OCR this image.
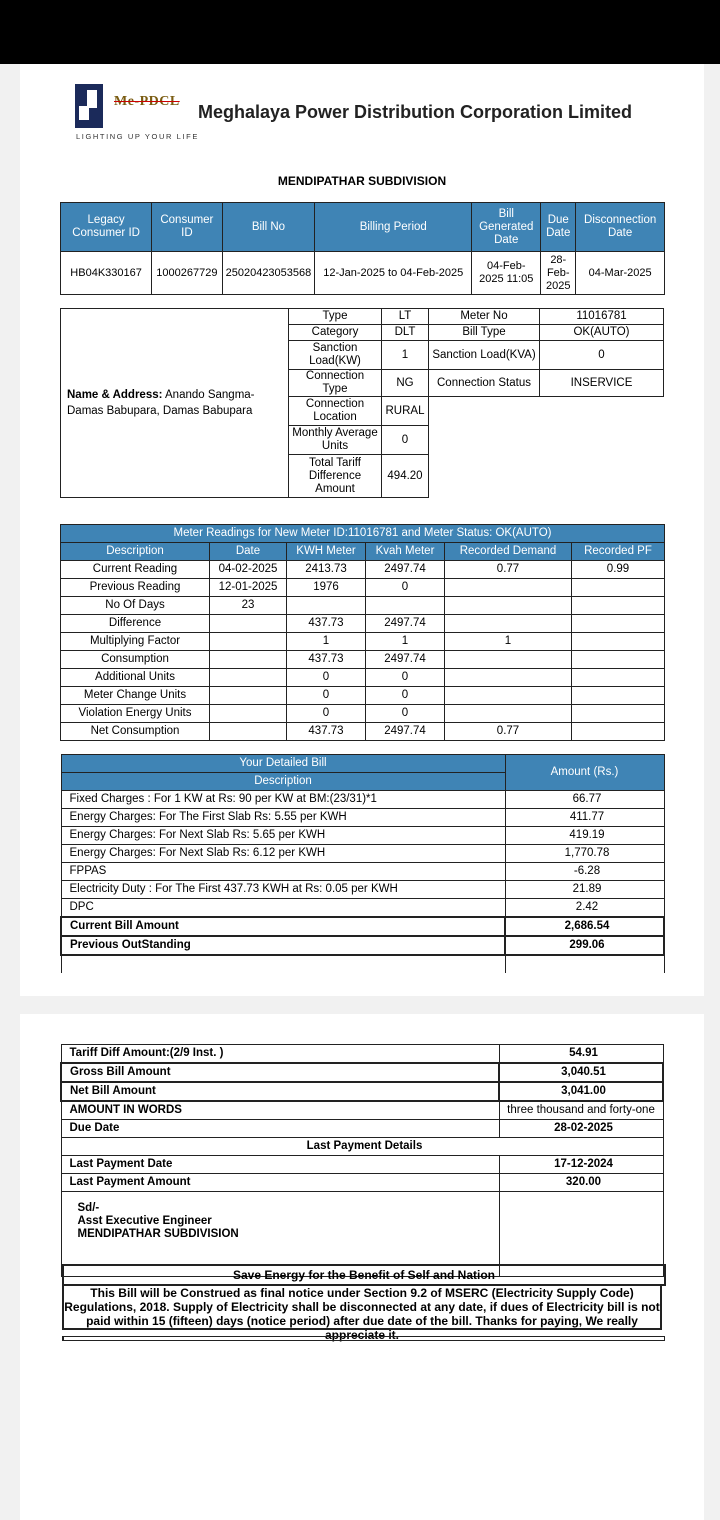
Me-PDCL
LIGHTING UP YOUR LIFE
Meghalaya Power Distribution Corporation Limited
MENDIPATHAR SUBDIVISION
Legacy Consumer ID	Consumer ID	Bill No	Billing Period	Bill Generated Date	Due Date	Disconnection Date
HB04K330167	1000267729	25020423053568	12-Jan-2025 to 04-Feb-2025	04-Feb-2025 11:05	28-Feb-2025	04-Mar-2025
Name & Address: Anando Sangma-Damas Babupara, Damas Babupara	Type	LT	Meter No	11016781
	Category	DLT	Bill Type	OK(AUTO)
	Sanction Load(KW)	1	Sanction Load(KVA)	0
	Connection Type	NG	Connection Status	INSERVICE
	Connection Location	RURAL		
	Monthly Average Units	0		
	Total Tariff Difference Amount	494.20		
Meter Readings for New Meter ID:11016781 and Meter Status: OK(AUTO)					
Description	Date	KWH Meter	Kvah Meter	Recorded Demand	Recorded PF
Current Reading	04-02-2025	2413.73	2497.74	0.77	0.99
Previous Reading	12-01-2025	1976	0		
No Of Days	23				
Difference		437.73	2497.74		
Multiplying Factor		1	1	1	
Consumption		437.73	2497.74		
Additional Units		0	0		
Meter Change Units		0	0		
Violation Energy Units		0	0		
Net Consumption		437.73	2497.74	0.77	
Your Detailed Bill	Amount (Rs.)
Description	
Fixed Charges : For 1 KW at Rs: 90 per KW at BM:(23/31)*1	66.77
Energy Charges: For The First Slab Rs: 5.55 per KWH	411.77
Energy Charges: For Next Slab Rs: 5.65 per KWH	419.19
Energy Charges: For Next Slab Rs: 6.12 per KWH	1,770.78
FPPAS	-6.28
Electricity Duty : For The First 437.73 KWH at Rs: 0.05 per KWH	21.89
DPC	2.42
Current Bill Amount	2,686.54
Previous OutStanding	299.06

Tariff Diff Amount:(2/9 Inst. )	54.91
Gross Bill Amount	3,040.51
Net Bill Amount	3,041.00
AMOUNT IN WORDS	three thousand and forty-one
Due Date	28-02-2025
Last Payment Details	
Last Payment Date	17-12-2024
Last Payment Amount	320.00

Sd/-
Asst Executive Engineer
MENDIPATHAR SUBDIVISION	

Save Energy for the Benefit of Self and Nation
This Bill will be Construed as final notice under Section 9.2 of MSERC (Electricity Supply Code) Regulations, 2018. Supply of Electricity shall be disconnected at any date, if dues of Electricity bill is not paid within 15 (fifteen) days (notice period) after due date of the bill. Thanks for paying, We really appreciate it.
